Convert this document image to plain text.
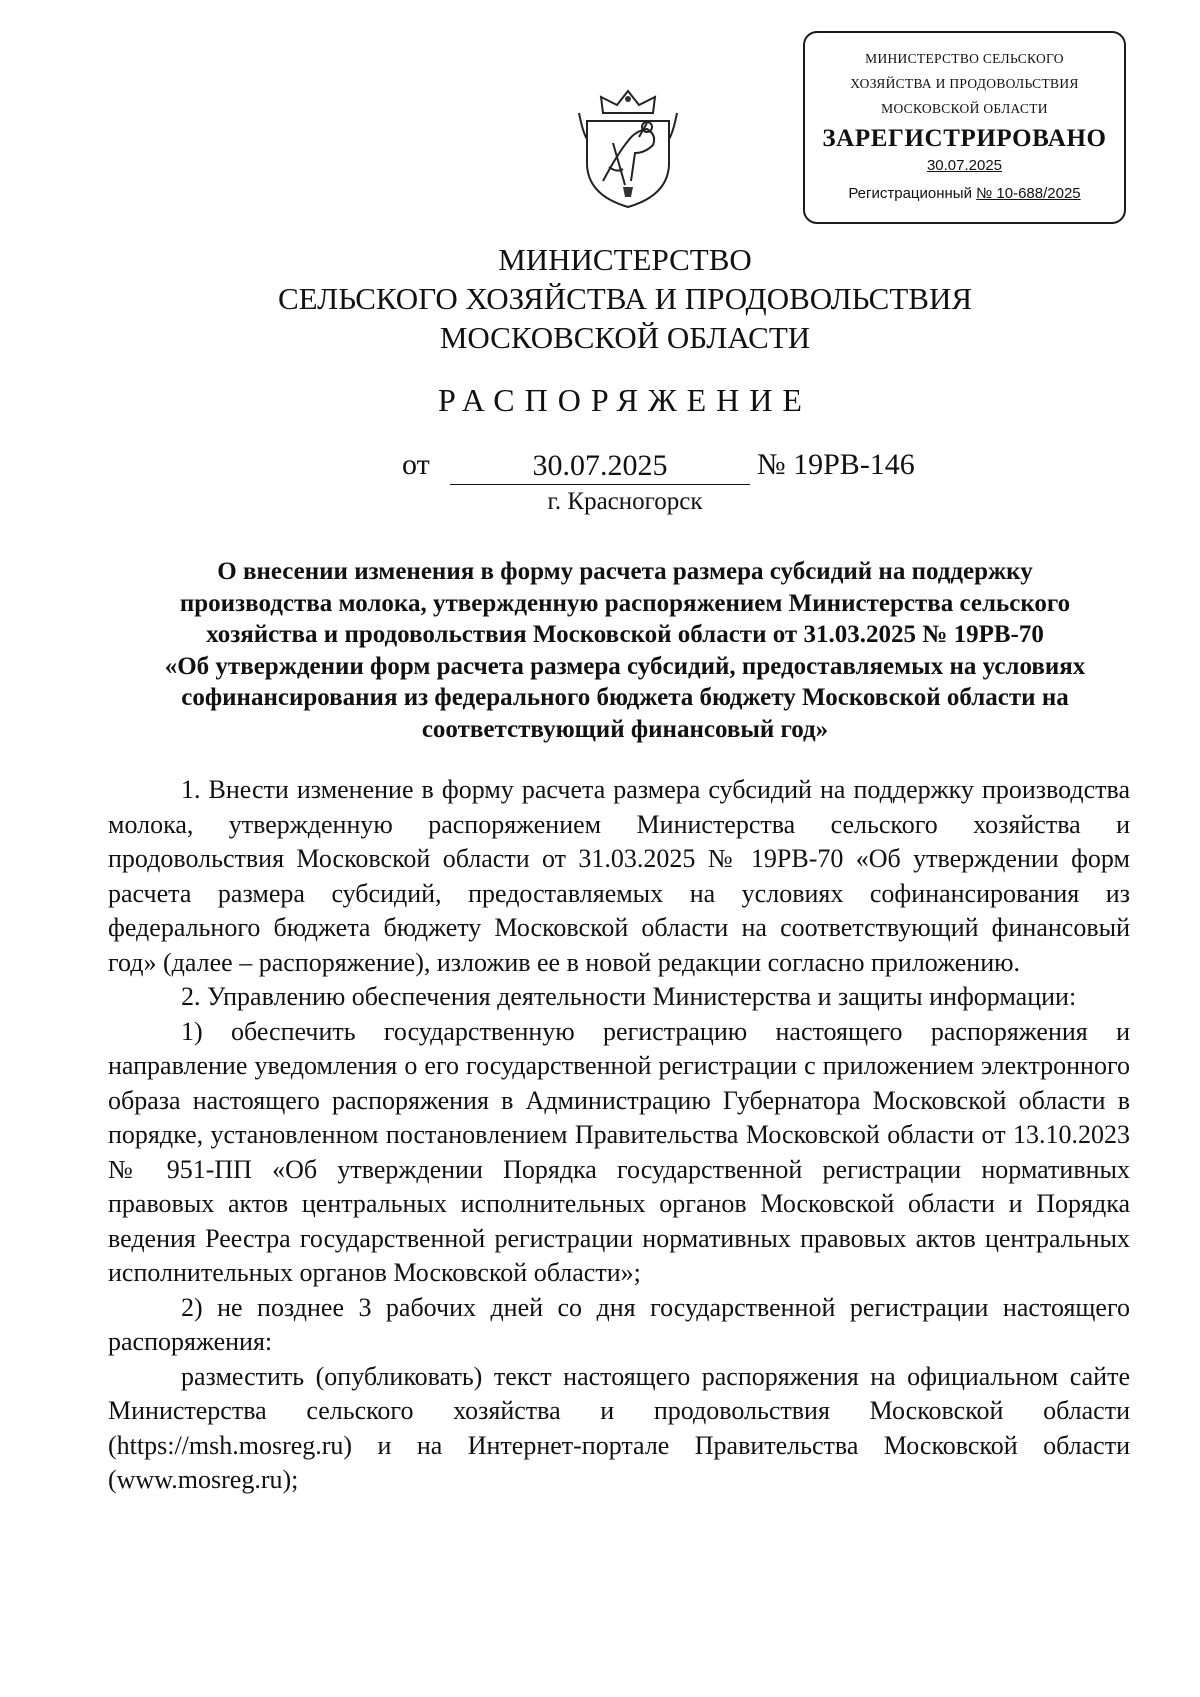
МИНИСТЕРСТВО СЕЛЬСКОГО
ХОЗЯЙСТВА И ПРОДОВОЛЬСТВИЯ
МОСКОВСКОЙ ОБЛАСТИ
ЗАРЕГИСТРИРОВАНО
30.07.2025
Регистрационный № 10-688/2025
МИНИСТЕРСТВО
СЕЛЬСКОГО ХОЗЯЙСТВА И ПРОДОВОЛЬСТВИЯ
МОСКОВСКОЙ ОБЛАСТИ
РАСПОРЯЖЕНИЕ
от	30.07.2025	№ 19РВ-146
г. Красногорск
О внесении изменения в форму расчета размера субсидий на поддержку
производства молока, утвержденную распоряжением Министерства сельского
хозяйства и продовольствия Московской области от 31.03.2025 № 19РВ-70
«Об утверждении форм расчета размера субсидий, предоставляемых на условиях
софинансирования из федерального бюджета бюджету Московской области на
соответствующий финансовый год»

1. Внести изменение в форму расчета размера субсидий на поддержку производства молока, утвержденную распоряжением Министерства сельского хозяйства и продовольствия Московской области от 31.03.2025 № 19РВ-70 «Об утверждении форм расчета размера субсидий, предоставляемых на условиях софинансирования из федерального бюджета бюджету Московской области на соответствующий финансовый год» (далее – распоряжение), изложив ее в новой редакции согласно приложению.

2. Управлению обеспечения деятельности Министерства и защиты информации:

1) обеспечить государственную регистрацию настоящего распоряжения и направление уведомления о его государственной регистрации с приложением электронного образа настоящего распоряжения в Администрацию Губернатора Московской области в порядке, установленном постановлением Правительства Московской области от 13.10.2023 № 951-ПП «Об утверждении Порядка государственной регистрации нормативных правовых актов центральных исполнительных органов Московской области и Порядка ведения Реестра государственной регистрации нормативных правовых актов центральных исполнительных органов Московской области»;

2) не позднее 3 рабочих дней со дня государственной регистрации настоящего распоряжения:

разместить (опубликовать) текст настоящего распоряжения на официальном сайте Министерства сельского хозяйства и продовольствия Московской области (https://msh.mosreg.ru) и на Интернет-портале Правительства Московской области (www.mosreg.ru);
